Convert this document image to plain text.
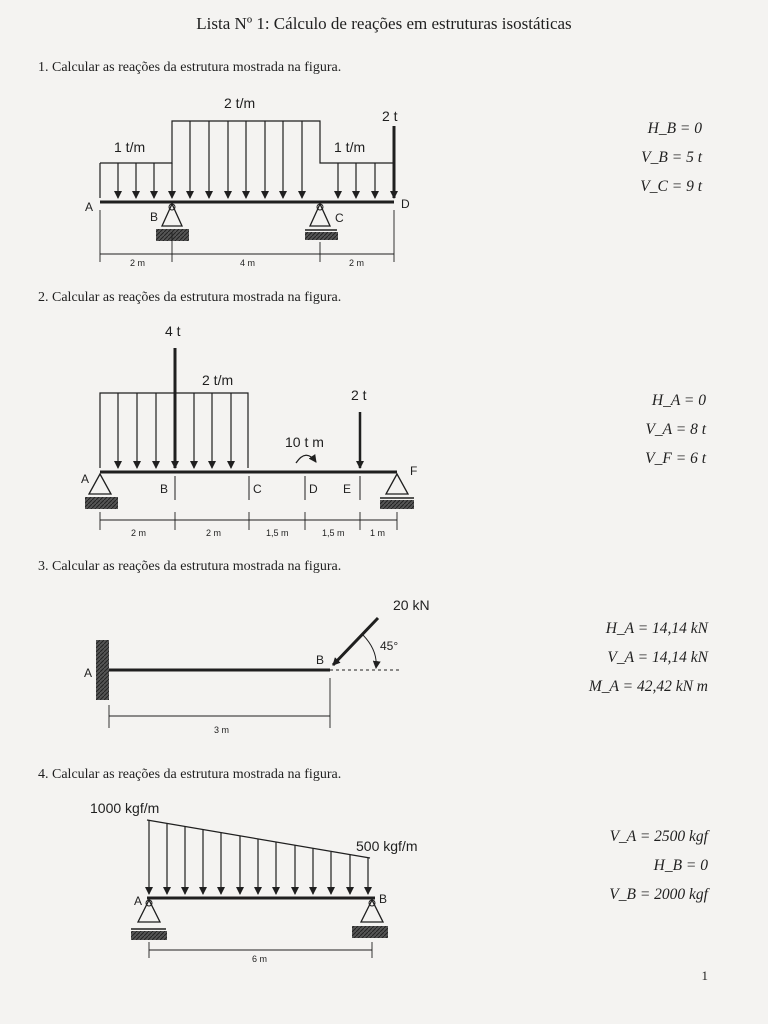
Lista Nº 1: Cálculo de reações em estruturas isostáticas
1. Calcular as reações da estrutura mostrada na figura.
2. Calcular as reações da estrutura mostrada na figura.
3. Calcular as reações da estrutura mostrada na figura.
4. Calcular as reações da estrutura mostrada na figura.
H_B = 0
V_B = 5 t
V_C = 9 t
H_A = 0
V_A = 8 t
V_F = 6 t
H_A = 14,14 kN
V_A = 14,14 kN
M_A = 42,42 kN m
V_A = 2500 kgf
H_B = 0
V_B = 2000 kgf
1
2 t/m
1 t/m	1 t/m
2 t
A
B	C
D
2 m	4 m	2 m
4 t
2 t/m
10 t m
2 t
A
B	C	D E
F
2 m	2 m	1,5 m	1,5 m	1 m
20 kN
45°
A
B
3 m
1000 kgf/m
500 kgf/m
A	B
6 m
